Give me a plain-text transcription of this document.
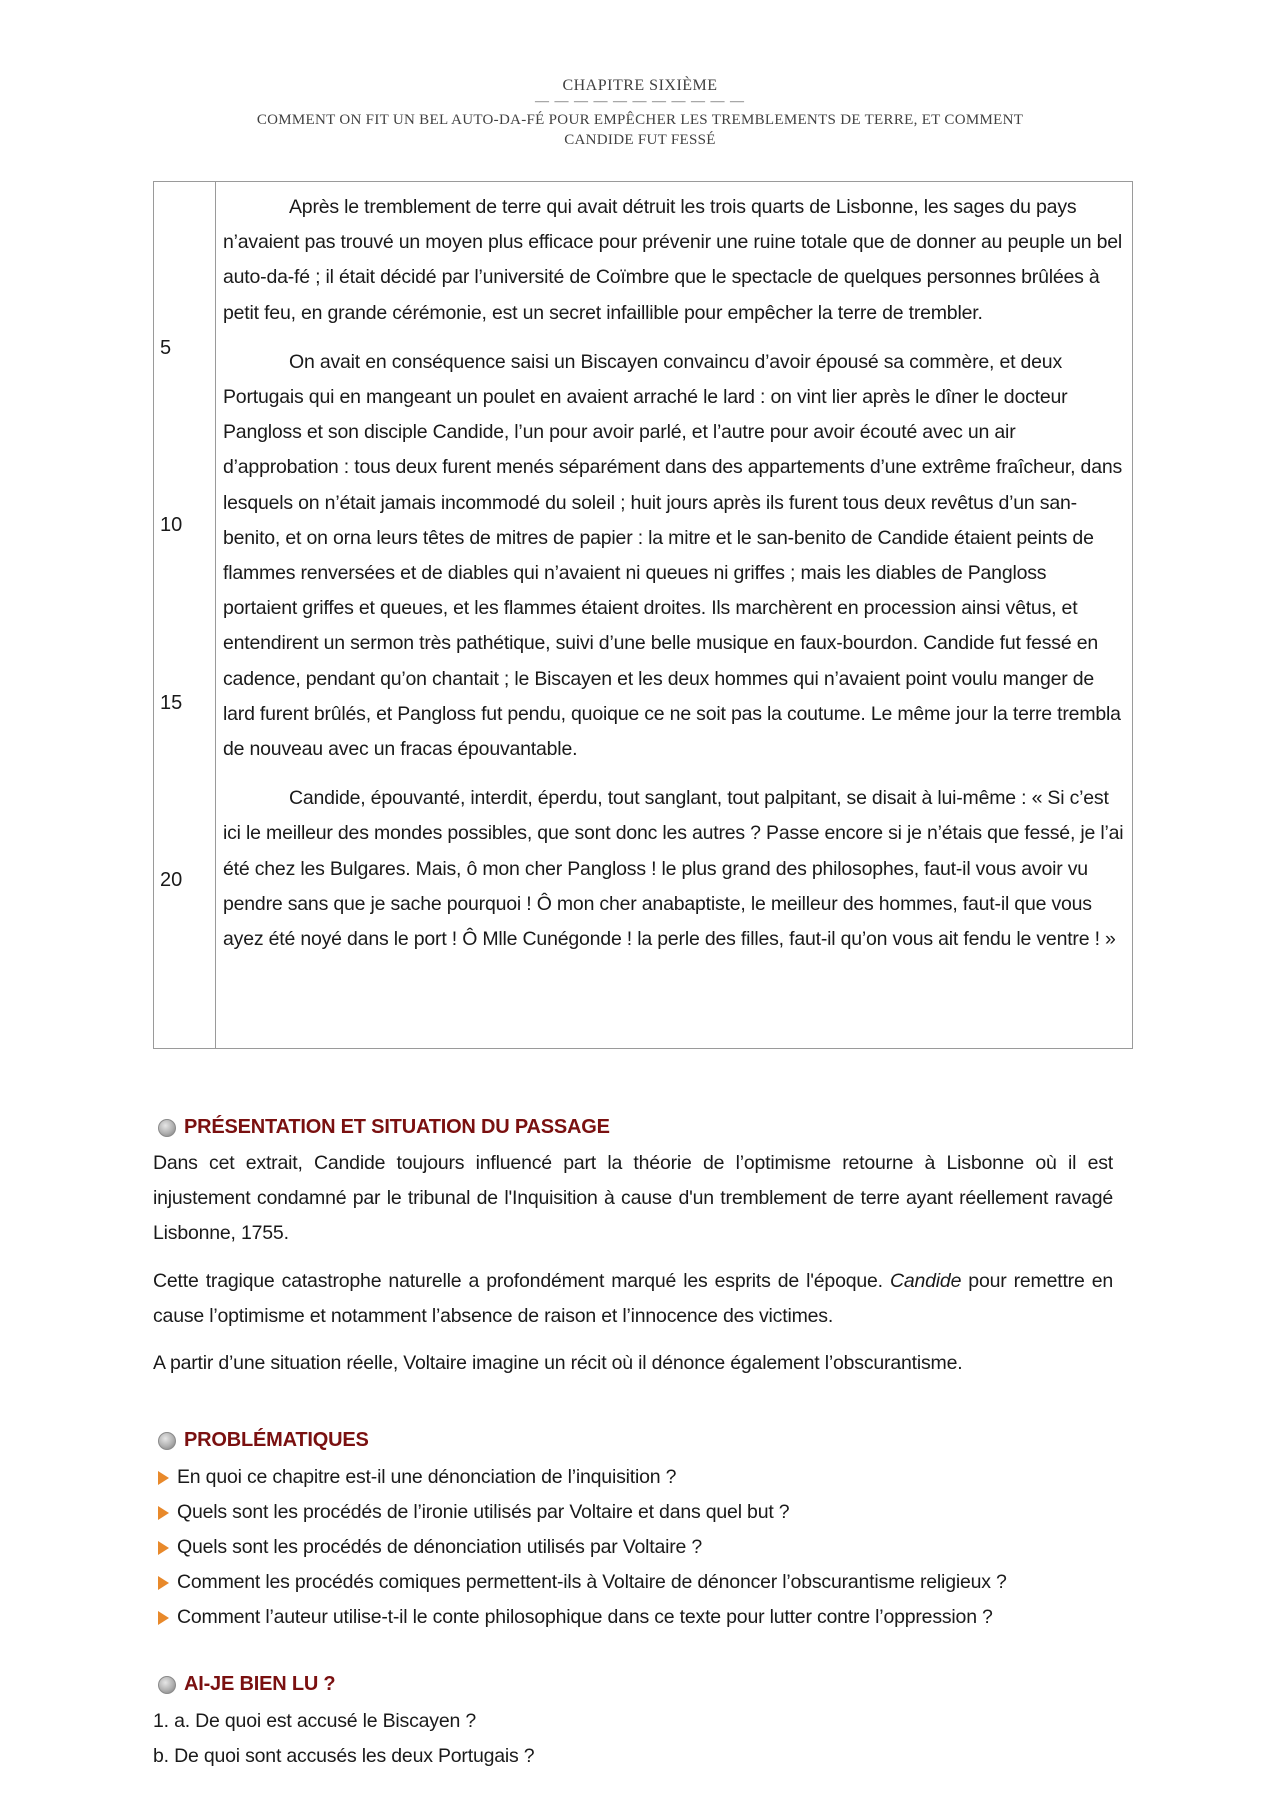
CHAPITRE SIXIÈME
— — — — — — — — — — —
COMMENT ON FIT UN BEL AUTO-DA-FÉ POUR EMPÊCHER LES TREMBLEMENTS DE TERRE, ET COMMENT
CANDIDE FUT FESSÉ
5
10
15
20

Après le tremblement de terre qui avait détruit les trois quarts de Lisbonne, les sages du pays n’avaient pas trouvé un moyen plus efficace pour prévenir une ruine totale que de donner au peuple un bel auto-da-fé ; il était décidé par l’université de Coïmbre que le spectacle de quelques personnes brûlées à petit feu, en grande cérémonie, est un secret infaillible pour empêcher la terre de trembler.

On avait en conséquence saisi un Biscayen convaincu d’avoir épousé sa commère, et deux Portugais qui en mangeant un poulet en avaient arraché le lard : on vint lier après le dîner le docteur Pangloss et son disciple Candide, l’un pour avoir parlé, et l’autre pour avoir écouté avec un air d’approbation : tous deux furent menés séparément dans des appartements d’une extrême fraîcheur, dans lesquels on n’était jamais incommodé du soleil ; huit jours après ils furent tous deux revêtus d’un san-benito, et on orna leurs têtes de mitres de papier : la mitre et le san-benito de Candide étaient peints de flammes renversées et de diables qui n’avaient ni queues ni griffes ; mais les diables de Pangloss portaient griffes et queues, et les flammes étaient droites. Ils marchèrent en procession ainsi vêtus, et entendirent un sermon très pathétique, suivi d’une belle musique en faux-bourdon. Candide fut fessé en cadence, pendant qu’on chantait ; le Biscayen et les deux hommes qui n’avaient point voulu manger de lard furent brûlés, et Pangloss fut pendu, quoique ce ne soit pas la coutume. Le même jour la terre trembla de nouveau avec un fracas épouvantable.

Candide, épouvanté, interdit, éperdu, tout sanglant, tout palpitant, se disait à lui-même : « Si c’est ici le meilleur des mondes possibles, que sont donc les autres ? Passe encore si je n’étais que fessé, je l’ai été chez les Bulgares. Mais, ô mon cher Pangloss ! le plus grand des philosophes, faut-il vous avoir vu pendre sans que je sache pourquoi ! Ô mon cher anabaptiste, le meilleur des hommes, faut-il que vous ayez été noyé dans le port ! Ô Mlle Cunégonde ! la perle des filles, faut-il qu’on vous ait fendu le ventre ! »

PRÉSENTATION ET SITUATION DU PASSAGE

Dans cet extrait, Candide toujours influencé part la théorie de l’optimisme retourne à Lisbonne où il est injustement condamné par le tribunal de l'Inquisition à cause d'un tremblement de terre ayant réellement ravagé Lisbonne, 1755.

Cette tragique catastrophe naturelle a profondément marqué les esprits de l'époque. Candide pour remettre en cause l’optimisme et notamment l’absence de raison et l’innocence des victimes.

A partir d’une situation réelle, Voltaire imagine un récit où il dénonce également l’obscurantisme.

PROBLÉMATIQUES
En quoi ce chapitre est-il une dénonciation de l’inquisition ?
Quels sont les procédés de l’ironie utilisés par Voltaire et dans quel but ?
Quels sont les procédés de dénonciation utilisés par Voltaire ?
Comment les procédés comiques permettent-ils à Voltaire de dénoncer l’obscurantisme religieux ?
Comment l’auteur utilise-t-il le conte philosophique dans ce texte pour lutter contre l’oppression ?
AI-JE BIEN LU ?
1. a. De quoi est accusé le Biscayen ?
b. De quoi sont accusés les deux Portugais ?
